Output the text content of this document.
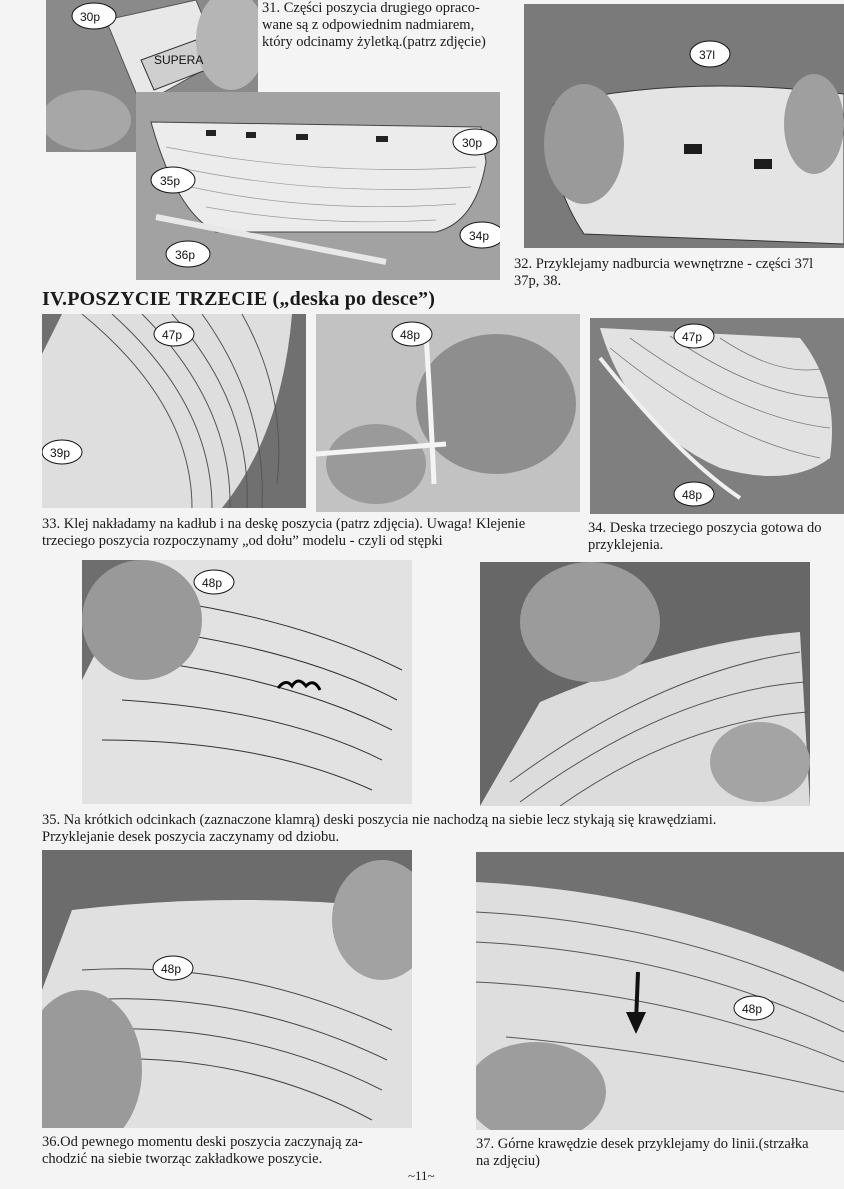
SUPERA
30p
30p
35p
34p
36p
31. Części poszycia drugiego opraco-
wane są z odpowiednim nadmiarem,
który odcinamy żyletką.(patrz zdjęcie)
37l
32. Przyklejamy nadburcia wewnętrzne - części 37l
37p, 38.
IV.POSZYCIE TRZECIE („deska po desce”)
47p
39p
48p	47p
48p
33. Klej nakładamy na kadłub i na deskę poszycia (patrz zdjęcia). Uwaga! Klejenie
trzeciego poszycia rozpoczynamy „od dołu” modelu - czyli od stępki
34. Deska trzeciego poszycia gotowa do
przyklejenia.
48p
35. Na krótkich odcinkach (zaznaczone klamrą) deski poszycia nie nachodzą na siebie lecz stykają się krawędziami.
Przyklejanie desek poszycia zaczynamy od dziobu.
48p
48p
36.Od pewnego momentu deski poszycia zaczynają za-
chodzić na siebie tworząc zakładkowe poszycie.
37. Górne krawędzie desek przyklejamy do linii.(strzałka
na zdjęciu)
~11~
